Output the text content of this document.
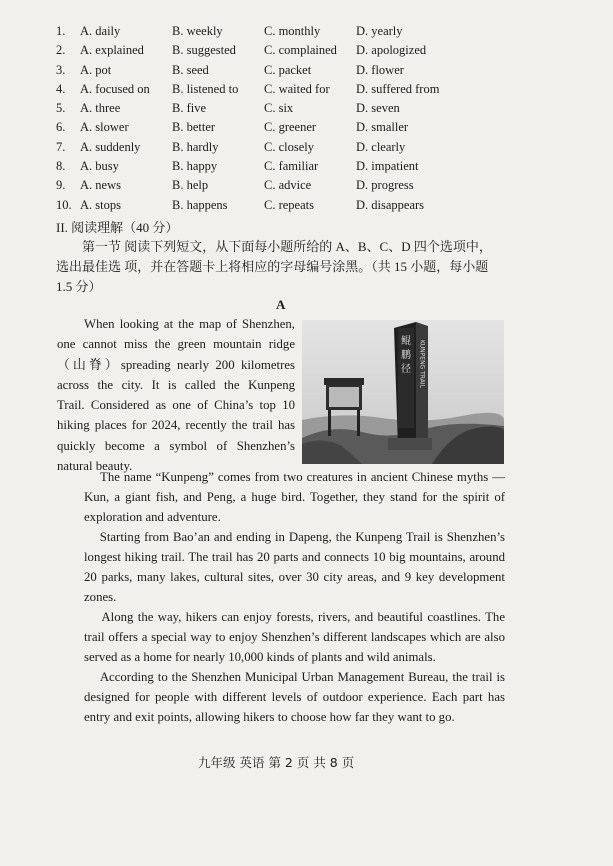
1. A. daily	B. weekly	C. monthly	D. yearly
2. A. explained B. suggested C. complained D. apologized
3. A. pot	B. seed	C. packet	D. flower
4. A. focused on B. listened to C. waited for D. suffered from
5. A. three	B. five	C. six	D. seven
6. A. slower	B. better	C. greener	D. smaller
7. A. suddenly	B. hardly	C. closely	D. clearly
8. A. busy	B. happy	C. familiar	D. impatient
9. A. news	B. help	C. advice	D. progress
10. A. stops	B. happens	C. repeats	D. disappears
II. 阅读理解（40 分）
第一节 阅读下列短文，从下面每小题所给的 A、B、C、D 四个选项中，选出最佳选 项，并在答题卡上将相应的字母编号涂黑。（共 15 小题，每小题 1.5 分）
A
When looking at the map of Shenzhen,
one cannot miss the green mountain ridge
（山脊）spreading nearly 200 kilometres
across the city. It is called the Kunpeng
Trail. Considered as one of China’s top 10
hiking places for 2024, recently the trail has
quickly become a symbol of Shenzhen’s
natural beauty.
鲲
鹏
径 KUNPENG TRAIL
The name “Kunpeng” comes from two creatures in ancient Chinese myths —Kun, a giant fish, and Peng, a huge bird. Together, they stand for the spirit of exploration and adventure.
Starting from Bao’an and ending in Dapeng, the Kunpeng Trail is Shenzhen’s longest hiking trail. The trail has 20 parts and connects 10 big mountains, around 20 parks, many lakes, cultural sites, over 30 city areas, and 9 key development zones.
Along the way, hikers can enjoy forests, rivers, and beautiful coastlines. The trail offers a special way to enjoy Shenzhen’s different landscapes which are also served as a home for nearly 10,000 kinds of plants and wild animals.
According to the Shenzhen Municipal Urban Management Bureau, the trail is designed for people with different levels of outdoor experience. Each part has entry and exit points, allowing hikers to choose how far they want to go.
九年级 英语 第 2 页 共 8 页
